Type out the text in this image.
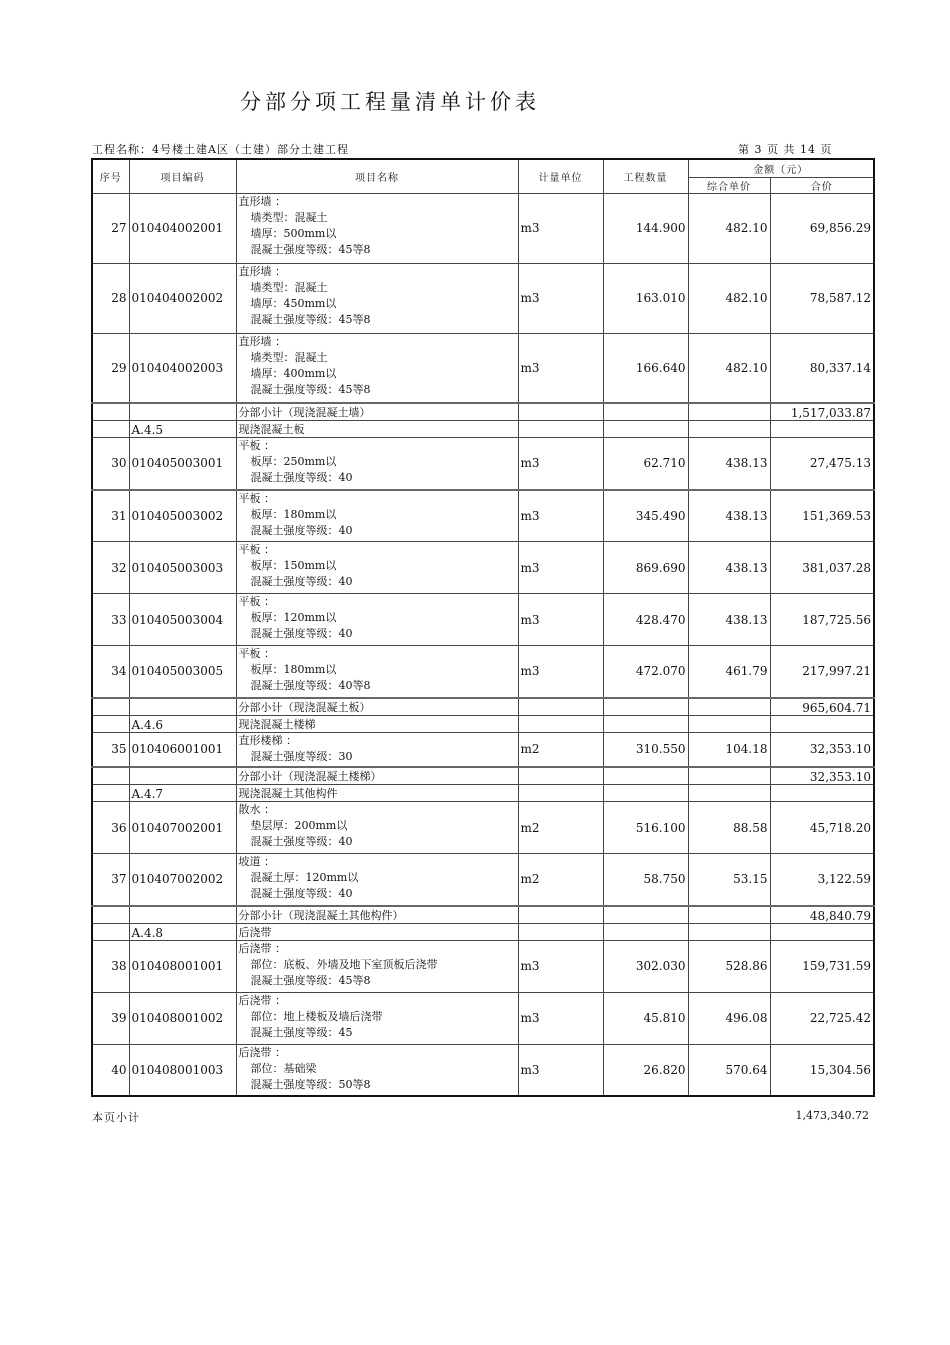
分部分项工程量清单计价表
工程名称：4号楼土建A区（土建）部分土建工程	第 3 页 共 14 页
序号	项目编码	项目名称	计量单位	工程数量	金额（元）	
					综合单价	合价
27	010404002001	直形墙 ：
墙类型：混凝土
墙厚：500mm以
混凝土强度等级：45等8	m3	144.900	482.10	69,856.29
28	010404002002	直形墙 ：
墙类型：混凝土
墙厚：450mm以
混凝土强度等级：45等8	m3	163.010	482.10	78,587.12
29	010404002003	直形墙 ：
墙类型：混凝土
墙厚：400mm以
混凝土强度等级：45等8	m3	166.640	482.10	80,337.14

		分部小计（现浇混凝土墙）				1,517,033.87
	A.4.5	现浇混凝土板				

30	010405003001	平板 ：
板厚：250mm以
混凝土强度等级：40	m3	62.710	438.13	27,475.13
31	010405003002	平板 ：
板厚：180mm以
混凝土强度等级：40	m3	345.490	438.13	151,369.53
32	010405003003	平板 ：
板厚：150mm以
混凝土强度等级：40	m3	869.690	438.13	381,037.28
33	010405003004	平板 ：
板厚：120mm以
混凝土强度等级：40	m3	428.470	438.13	187,725.56
34	010405003005	平板 ：
板厚：180mm以
混凝土强度等级：40等8	m3	472.070	461.79	217,997.21

		分部小计（现浇混凝土板）				965,604.71
	A.4.6	现浇混凝土楼梯				

35	010406001001	直形楼梯 ：
混凝土强度等级：30	m2	310.550	104.18	32,353.10

		分部小计（现浇混凝土楼梯）				32,353.10
	A.4.7	现浇混凝土其他构件				

36	010407002001	散水 ：
垫层厚：200mm以
混凝土强度等级：40	m2	516.100	88.58	45,718.20
37	010407002002	坡道 ：
混凝土厚：120mm以
混凝土强度等级：40	m2	58.750	53.15	3,122.59

		分部小计（现浇混凝土其他构件）				48,840.79
	A.4.8	后浇带				

38	010408001001	后浇带 ：
部位：底板、外墙及地下室顶板后浇带
混凝土强度等级：45等8	m3	302.030	528.86	159,731.59
39	010408001002	后浇带 ：
部位：地上楼板及墙后浇带
混凝土强度等级：45	m3	45.810	496.08	22,725.42
40	010408001003	后浇带 ：
部位：基础梁
混凝土强度等级：50等8	m3	26.820	570.64	15,304.56
本页小计	1,473,340.72
